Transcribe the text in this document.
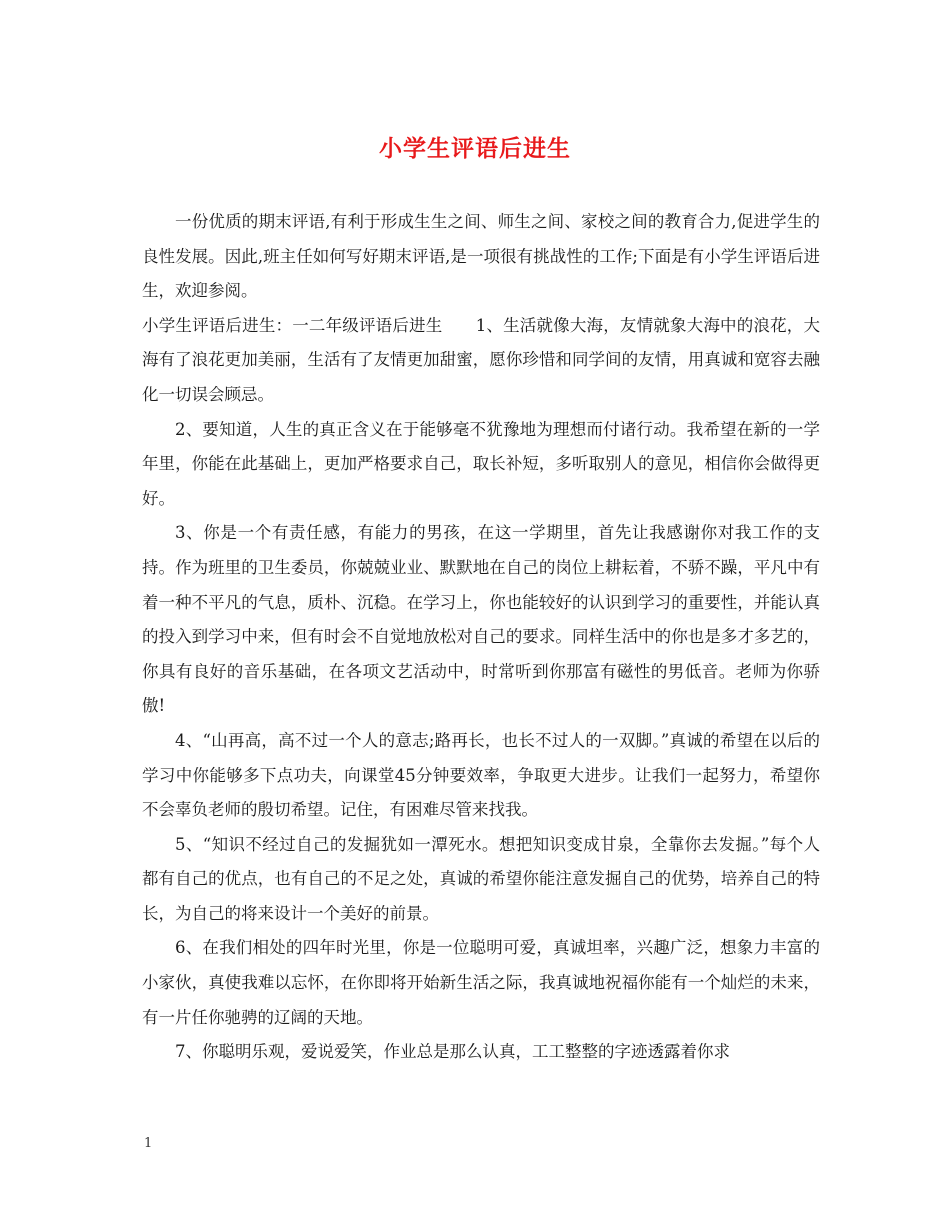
小学生评语后进生

一份优质的期末评语,有利于形成生生之间、师生之间、家校之间的教育合力,促进学生的良性发展。因此,班主任如何写好期末评语,是一项很有挑战性的工作;下面是有小学生评语后进生，欢迎参阅。

小学生评语后进生：一二年级评语后进生　　1、生活就像大海，友情就象大海中的浪花，大海有了浪花更加美丽，生活有了友情更加甜蜜，愿你珍惜和同学间的友情，用真诚和宽容去融化一切误会顾忌。

2、要知道，人生的真正含义在于能够毫不犹豫地为理想而付诸行动。我希望在新的一学年里，你能在此基础上，更加严格要求自己，取长补短，多听取别人的意见，相信你会做得更好。

3、你是一个有责任感，有能力的男孩，在这一学期里，首先让我感谢你对我工作的支持。作为班里的卫生委员，你兢兢业业、默默地在自己的岗位上耕耘着，不骄不躁，平凡中有着一种不平凡的气息，质朴、沉稳。在学习上，你也能较好的认识到学习的重要性，并能认真的投入到学习中来，但有时会不自觉地放松对自己的要求。同样生活中的你也是多才多艺的，你具有良好的音乐基础，在各项文艺活动中，时常听到你那富有磁性的男低音。老师为你骄傲!

4、“山再高，高不过一个人的意志;路再长，也长不过人的一双脚。”真诚的希望在以后的学习中你能够多下点功夫，向课堂45分钟要效率，争取更大进步。让我们一起努力，希望你不会辜负老师的殷切希望。记住，有困难尽管来找我。

5、“知识不经过自己的发掘犹如一潭死水。想把知识变成甘泉，全靠你去发掘。”每个人都有自己的优点，也有自己的不足之处，真诚的希望你能注意发掘自己的优势，培养自己的特长，为自己的将来设计一个美好的前景。

6、在我们相处的四年时光里，你是一位聪明可爱，真诚坦率，兴趣广泛，想象力丰富的小家伙，真使我难以忘怀，在你即将开始新生活之际，我真诚地祝福你能有一个灿烂的未来，有一片任你驰骋的辽阔的天地。

7、你聪明乐观，爱说爱笑，作业总是那么认真，工工整整的字迹透露着你求

1
